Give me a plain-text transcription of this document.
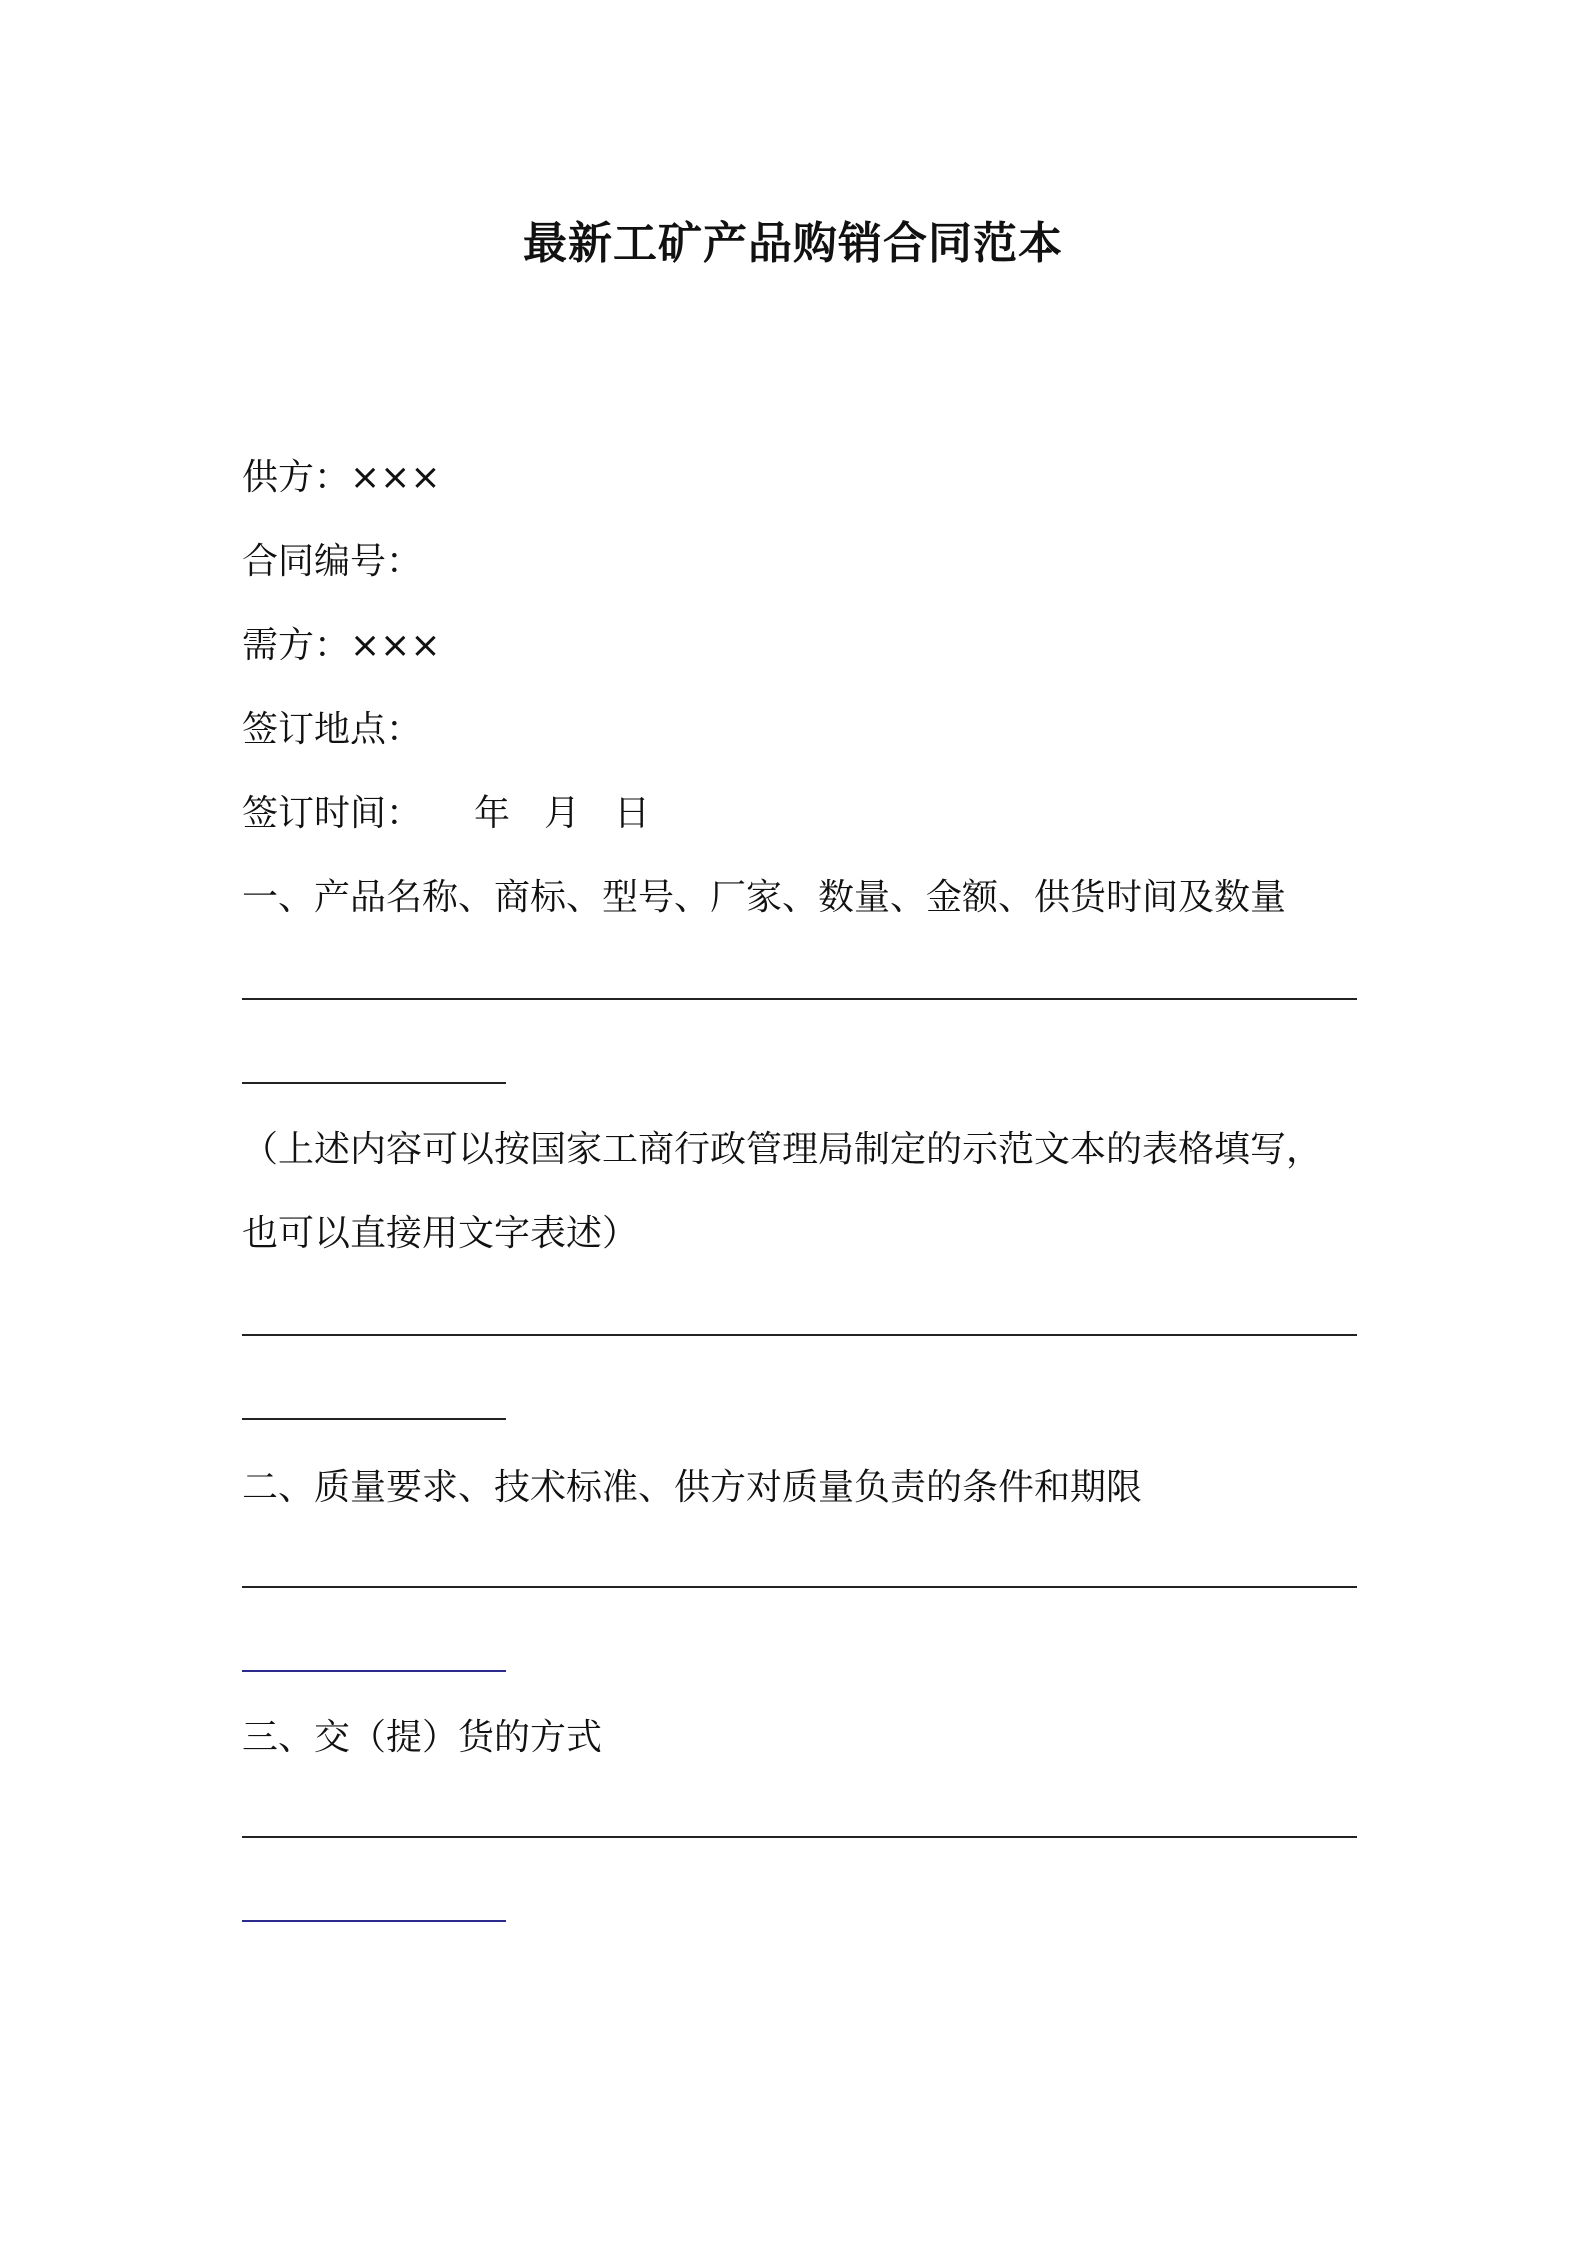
最新工矿产品购销合同范本
供方：×××
合同编号：
需方：×××
签订地点：
签订时间： 年 月 日
一、产品名称、商标、型号、厂家、数量、金额、供货时间及数量
（上述内容可以按国家工商行政管理局制定的示范文本的表格填写，
也可以直接用文字表述）
二、质量要求、技术标准、供方对质量负责的条件和期限
三、交（提）货的方式
